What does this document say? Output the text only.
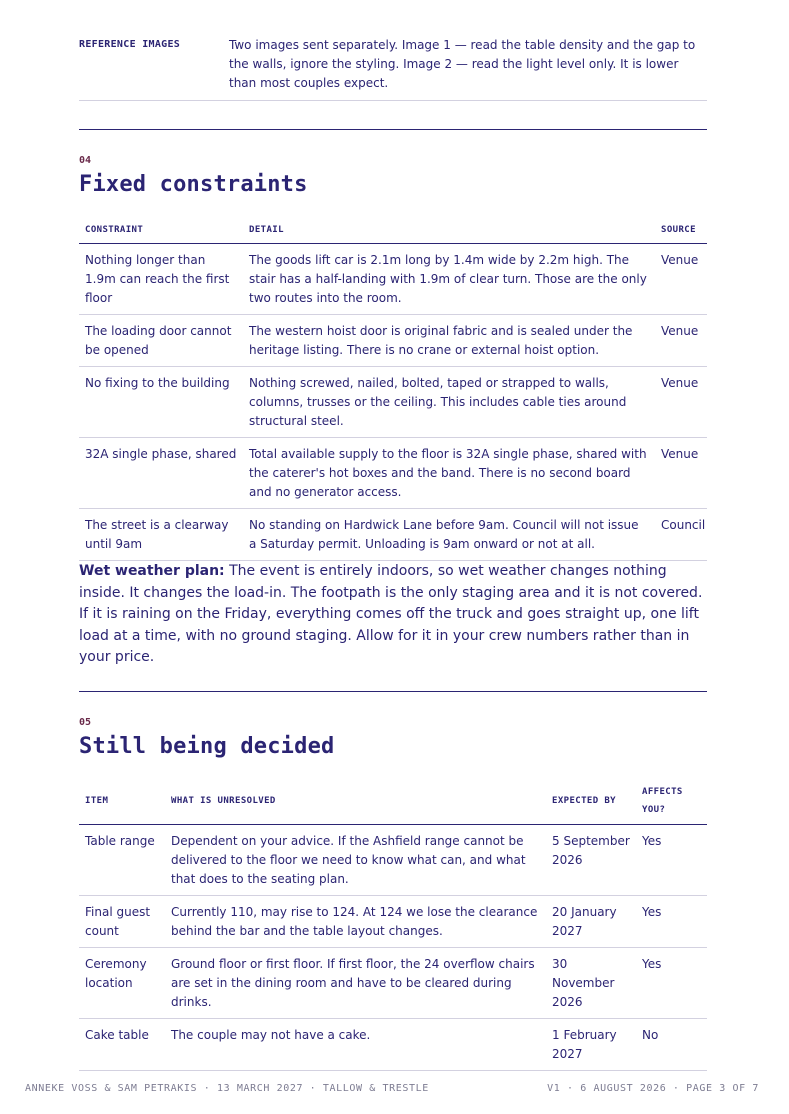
REFERENCE IMAGES	Two images sent separately. Image 1 — read the table density and the gap to the walls, ignore the styling. Image 2 — read the light level only. It is lower than most couples expect.
04
Fixed constraints
CONSTRAINT	DETAIL	SOURCE
Nothing longer than 1.9m can reach the first floor	The goods lift car is 2.1m long by 1.4m wide by 2.2m high. The stair has a half-landing with 1.9m of clear turn. Those are the only two routes into the room.	Venue
The loading door cannot be opened	The western hoist door is original fabric and is sealed under the heritage listing. There is no crane or external hoist option.	Venue
No fixing to the building	Nothing screwed, nailed, bolted, taped or strapped to walls, columns, trusses or the ceiling. This includes cable ties around structural steel.	Venue
32A single phase, shared	Total available supply to the floor is 32A single phase, shared with the caterer's hot boxes and the band. There is no second board and no generator access.	Venue
The street is a clearway until 9am	No standing on Hardwick Lane before 9am. Council will not issue a Saturday permit. Unloading is 9am onward or not at all.	Council

Wet weather plan: The event is entirely indoors, so wet weather changes nothing inside. It changes the load-in. The footpath is the only staging area and it is not covered. If it is raining on the Friday, everything comes off the truck and goes straight up, one lift load at a time, with no ground staging. Allow for it in your crew numbers rather than in your price.

05
Still being decided
ITEM	WHAT IS UNRESOLVED	EXPECTED BY	AFFECTS YOU?
Table range	Dependent on your advice. If the Ashfield range cannot be delivered to the floor we need to know what can, and what that does to the seating plan.	5 September 2026	Yes
Final guest count	Currently 110, may rise to 124. At 124 we lose the clearance behind the bar and the table layout changes.	20 January 2027	Yes
Ceremony location	Ground floor or first floor. If first floor, the 24 overflow chairs are set in the dining room and have to be cleared during drinks.	30 November 2026	Yes
Cake table	The couple may not have a cake.	1 February 2027	No
ANNEKE VOSS & SAM PETRAKIS · 13 MARCH 2027 · TALLOW & TRESTLE	V1 · 6 AUGUST 2026 · PAGE 3 OF 7
